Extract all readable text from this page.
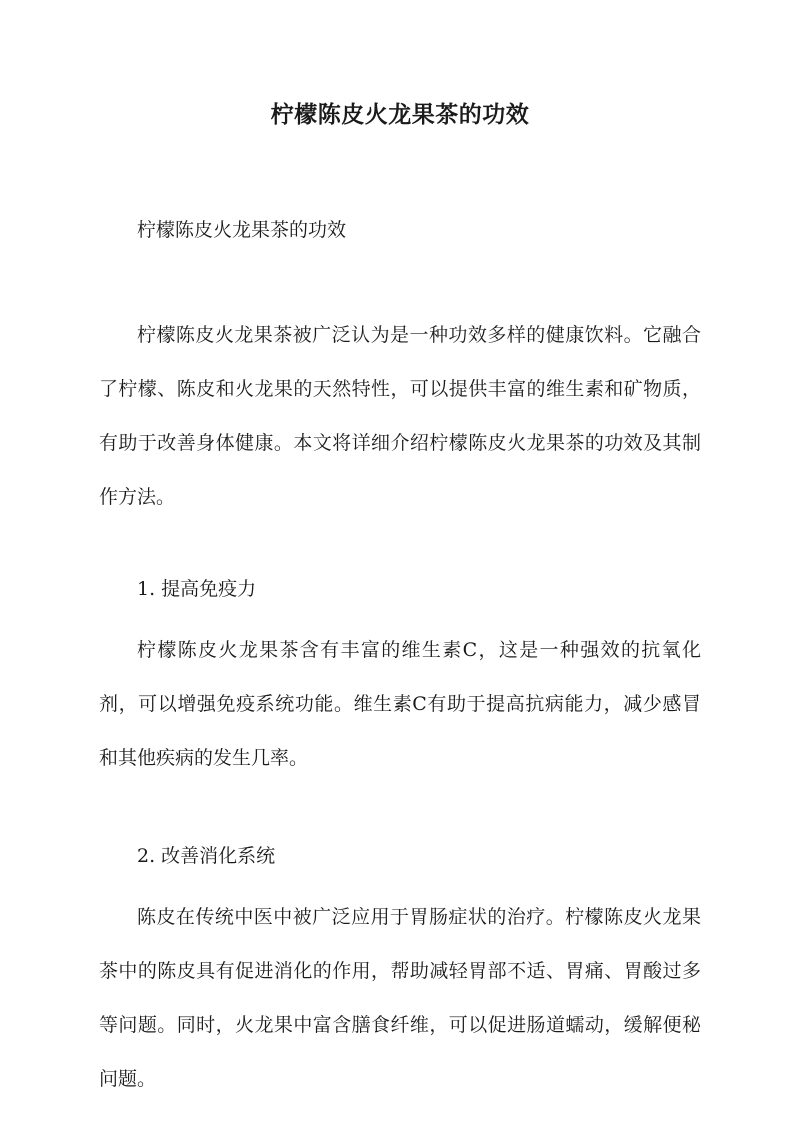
柠檬陈皮火龙果茶的功效

柠檬陈皮火龙果茶的功效

柠檬陈皮火龙果茶被广泛认为是一种功效多样的健康饮料。它融合了柠檬、陈皮和火龙果的天然特性，可以提供丰富的维生素和矿物质，有助于改善身体健康。本文将详细介绍柠檬陈皮火龙果茶的功效及其制作方法。

1. 提高免疫力

柠檬陈皮火龙果茶含有丰富的维生素C，这是一种强效的抗氧化剂，可以增强免疫系统功能。维生素C有助于提高抗病能力，减少感冒和其他疾病的发生几率。

2. 改善消化系统

陈皮在传统中医中被广泛应用于胃肠症状的治疗。柠檬陈皮火龙果茶中的陈皮具有促进消化的作用，帮助减轻胃部不适、胃痛、胃酸过多等问题。同时，火龙果中富含膳食纤维，可以促进肠道蠕动，缓解便秘问题。
